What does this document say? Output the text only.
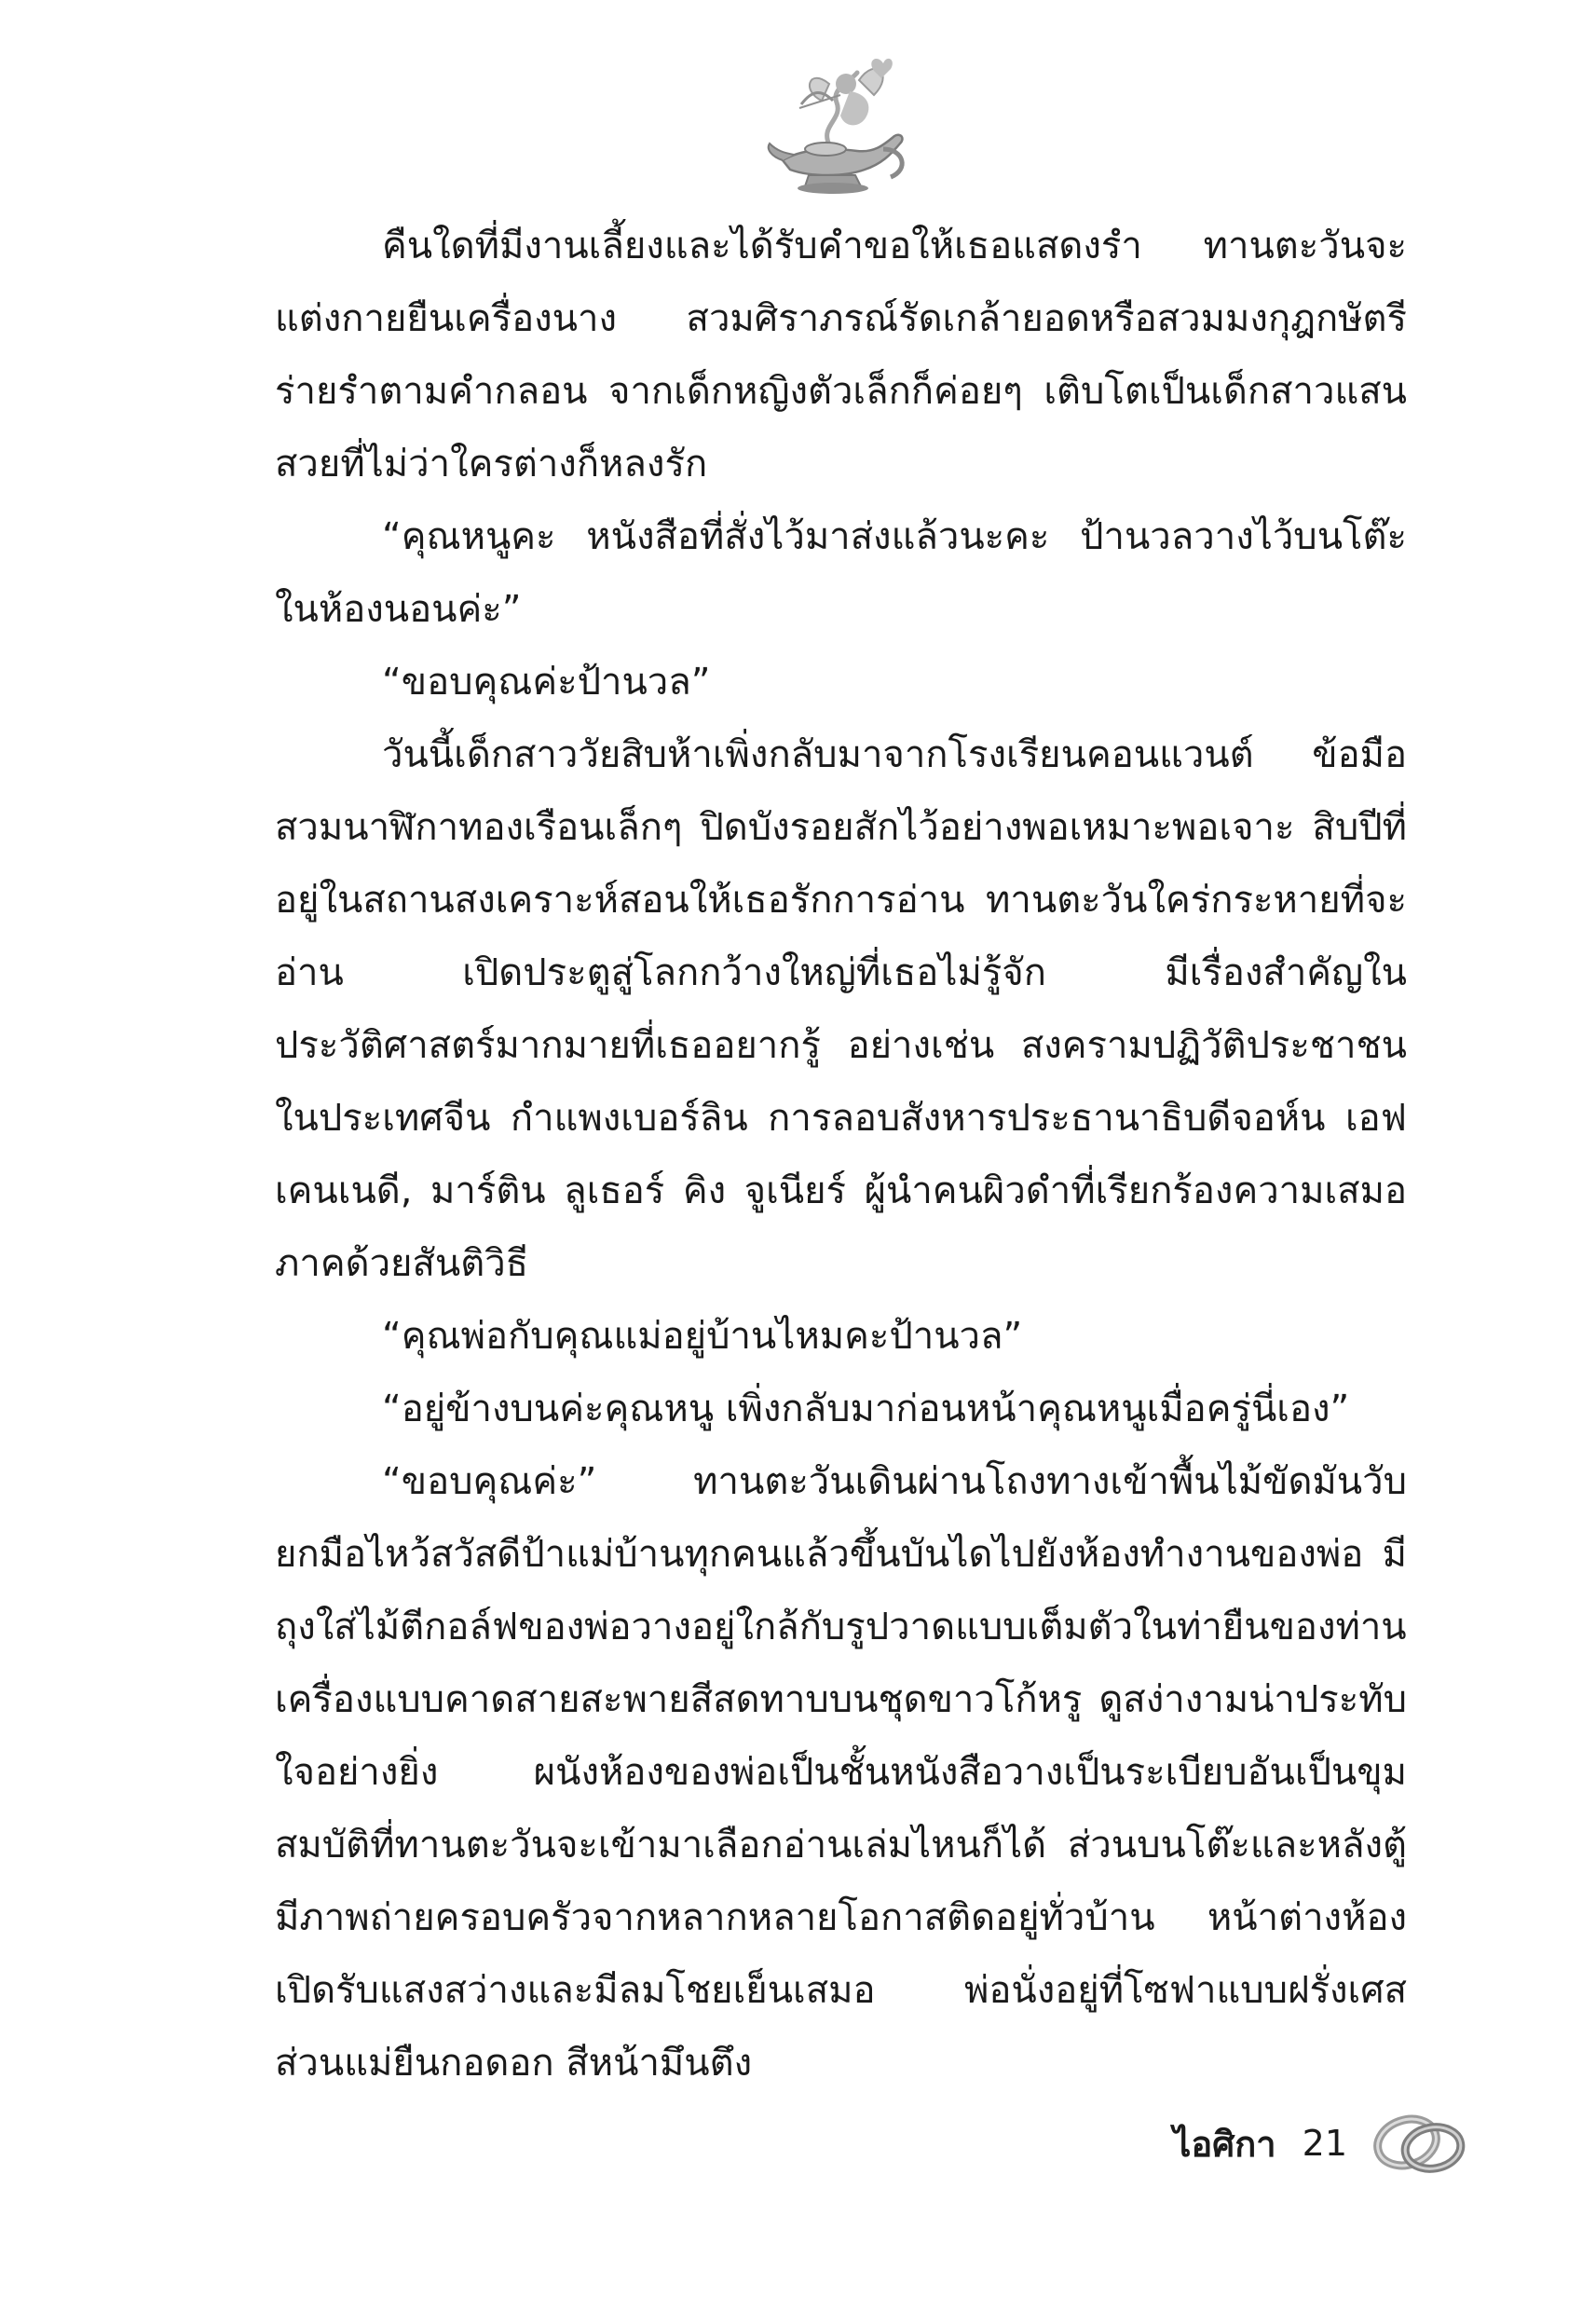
คืนใดที่มีงานเลี้ยงและได้รับคำขอให้เธอแสดงรำ ทานตะวันจะแต่งกายยืนเครื่องนาง สวมศิราภรณ์รัดเกล้ายอดหรือสวมมงกุฎกษัตรี ร่ายรำตามคำกลอน จากเด็กหญิงตัวเล็กก็ค่อยๆ เติบโตเป็นเด็กสาวแสนสวยที่ไม่ว่าใครต่างก็หลงรัก

“คุณหนูคะ หนังสือที่สั่งไว้มาส่งแล้วนะคะ ป้านวลวางไว้บนโต๊ะในห้องนอนค่ะ”

“ขอบคุณค่ะป้านวล”

วันนี้เด็กสาววัยสิบห้าเพิ่งกลับมาจากโรงเรียนคอนแวนต์ ข้อมือสวมนาฬิกาทองเรือนเล็กๆ ปิดบังรอยสักไว้อย่างพอเหมาะพอเจาะ สิบปีที่อยู่ในสถานสงเคราะห์สอนให้เธอรักการอ่าน ทานตะวันใคร่กระหายที่จะอ่าน เปิดประตูสู่โลกกว้างใหญ่ที่เธอไม่รู้จัก มีเรื่องสำคัญในประวัติศาสตร์มากมายที่เธออยากรู้ อย่างเช่น สงครามปฏิวัติประชาชนในประเทศจีน กำแพงเบอร์ลิน การลอบสังหารประธานาธิบดีจอห์น เอฟ เคนเนดี, มาร์ติน ลูเธอร์ คิง จูเนียร์ ผู้นำคนผิวดำที่เรียกร้องความเสมอภาคด้วยสันติวิธี

“คุณพ่อกับคุณแม่อยู่บ้านไหมคะป้านวล”

“อยู่ข้างบนค่ะคุณหนู เพิ่งกลับมาก่อนหน้าคุณหนูเมื่อครู่นี่เอง”

“ขอบคุณค่ะ” ทานตะวันเดินผ่านโถงทางเข้าพื้นไม้ขัดมันวับ ยกมือไหว้สวัสดีป้าแม่บ้านทุกคนแล้วขึ้นบันไดไปยังห้องทำงานของพ่อ มีถุงใส่ไม้ตีกอล์ฟของพ่อวางอยู่ใกล้กับรูปวาดแบบเต็มตัวในท่ายืนของท่าน เครื่องแบบคาดสายสะพายสีสดทาบบนชุดขาวโก้หรู ดูสง่างามน่าประทับใจอย่างยิ่ง ผนังห้องของพ่อเป็นชั้นหนังสือวางเป็นระเบียบอันเป็นขุมสมบัติที่ทานตะวันจะเข้ามาเลือกอ่านเล่มไหนก็ได้ ส่วนบนโต๊ะและหลังตู้มีภาพถ่ายครอบครัวจากหลากหลายโอกาสติดอยู่ทั่วบ้าน หน้าต่างห้องเปิดรับแสงสว่างและมีลมโชยเย็นเสมอ พ่อนั่งอยู่ที่โซฟาแบบฝรั่งเศส ส่วนแม่ยืนกอดอก สีหน้ามึนตึง

ไอศิกา 21
